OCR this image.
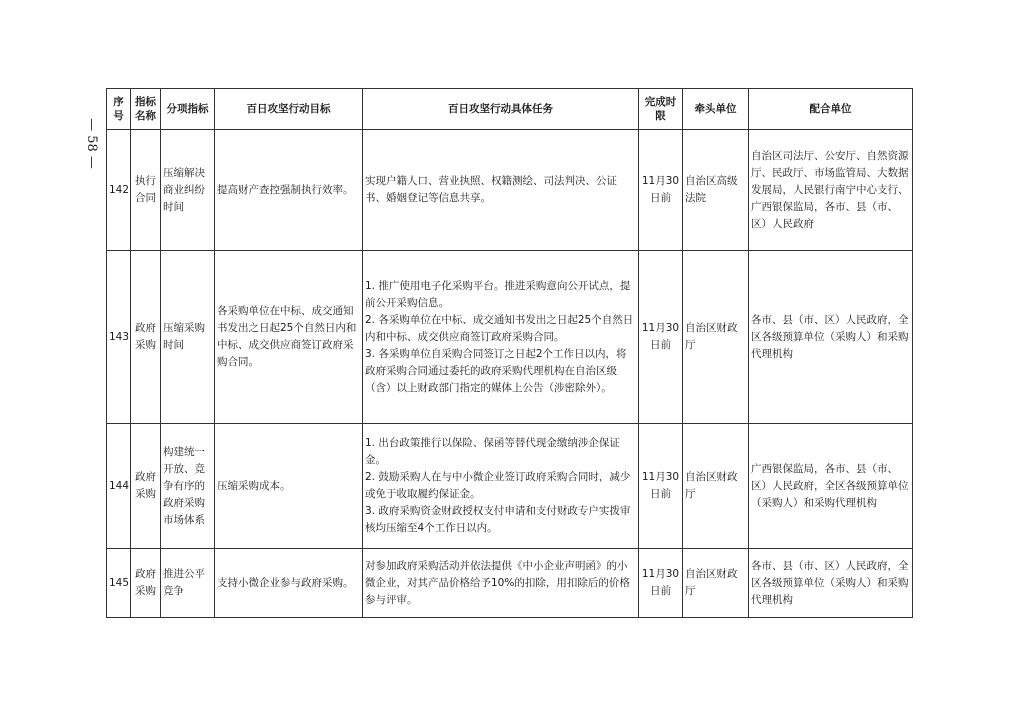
— 58 —
序号	指标名称	分项指标	百日攻坚行动目标	百日攻坚行动具体任务	完成时限	牵头单位	配合单位
142	执行合同	压缩解决商业纠纷时间	提高财产查控强制执行效率。	实现户籍人口、营业执照、权籍测绘、司法判决、公证书、婚姻登记等信息共享。	11月30日前	自治区高级法院	自治区司法厅、公安厅、自然资源厅、民政厅、市场监管局、大数据发展局，人民银行南宁中心支行、广西银保监局，各市、县（市、区）人民政府
143	政府采购	压缩采购时间	各采购单位在中标、成交通知书发出之日起25个自然日内和中标、成交供应商签订政府采购合同。	1. 推广使用电子化采购平台。推进采购意向公开试点，提前公开采购信息。
2. 各采购单位在中标、成交通知书发出之日起25个自然日内和中标、成交供应商签订政府采购合同。
3. 各采购单位自采购合同签订之日起2个工作日以内，将政府采购合同通过委托的政府采购代理机构在自治区级（含）以上财政部门指定的媒体上公告（涉密除外）。	11月30日前	自治区财政厅	各市、县（市、区）人民政府，全区各级预算单位（采购人）和采购代理机构
144	政府采购	构建统一开放、竞争有序的政府采购市场体系	压缩采购成本。	1. 出台政策推行以保险、保函等替代现金缴纳涉企保证金。
2. 鼓励采购人在与中小微企业签订政府采购合同时，减少或免于收取履约保证金。
3. 政府采购资金财政授权支付申请和支付财政专户实拨审核均压缩至4个工作日以内。	11月30日前	自治区财政厅	广西银保监局，各市、县（市、区）人民政府，全区各级预算单位（采购人）和采购代理机构
145	政府采购	推进公平竞争	支持小微企业参与政府采购。	对参加政府采购活动并依法提供《中小企业声明函》的小微企业，对其产品价格给予10%的扣除，用扣除后的价格参与评审。	11月30日前	自治区财政厅	各市、县（市、区）人民政府，全区各级预算单位（采购人）和采购代理机构
